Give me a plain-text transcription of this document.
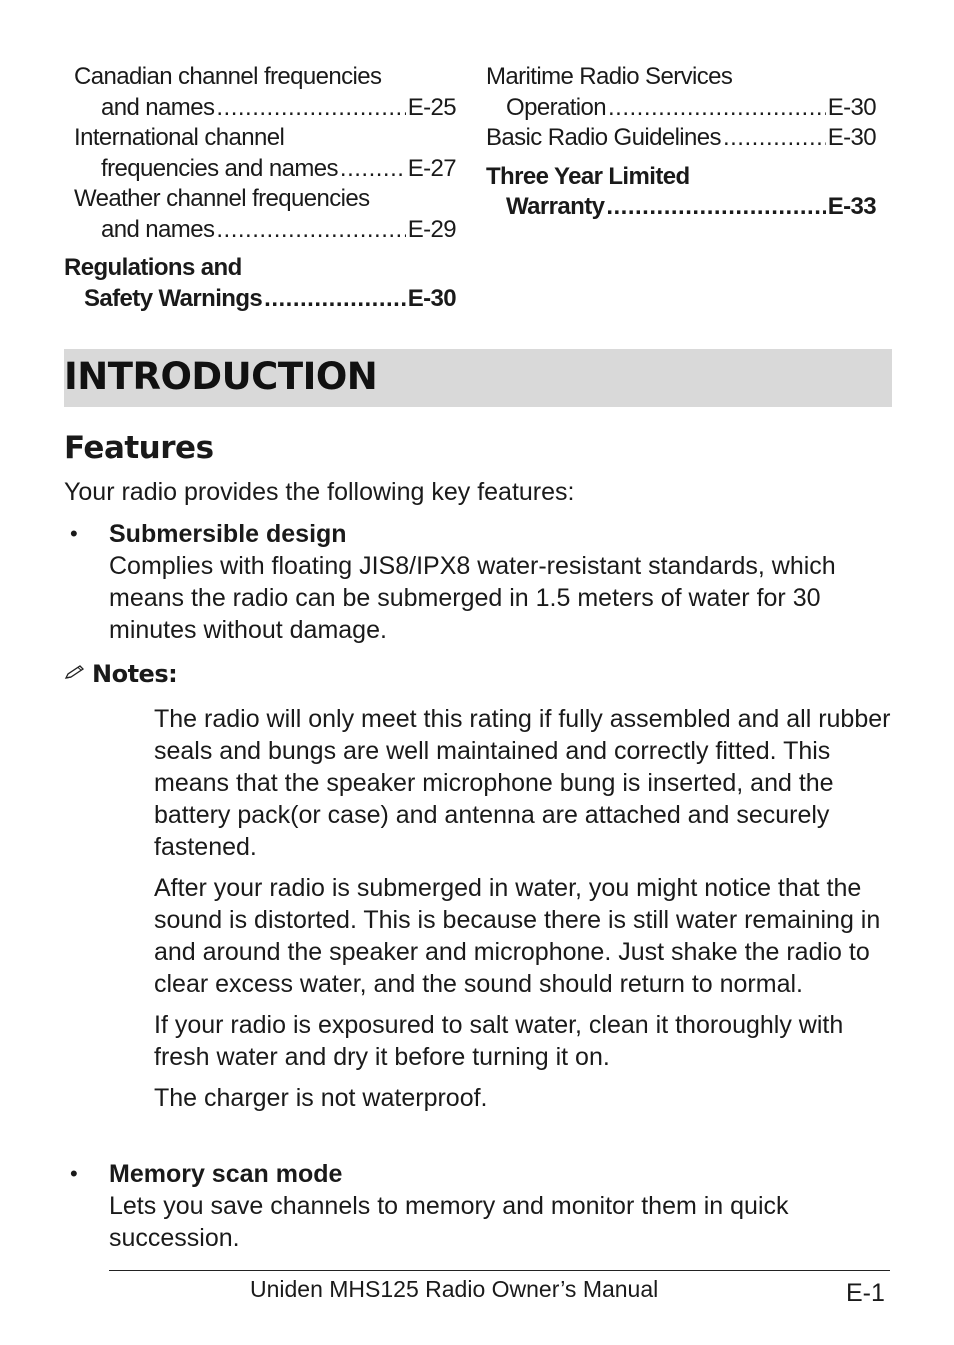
Canadian channel frequencies
and names .....	E-25
International channel
frequencies and names .....	E-27
Weather channel frequencies
and names .....	E-29
Regulations and
Safety Warnings .....	E-30
Maritime Radio Services
Operation .....	E-30
Basic Radio Guidelines .....	E-30
Three Year Limited
Warranty .....	E-33
INTRODUCTION
Features
Your radio provides the following key features:
• Submersible design
Complies with floating JIS8/IPX8 water-resistant standards, which means the radio can be submerged in 1.5 meters of water for 30 minutes without damage.
Notes:

The radio will only meet this rating if fully assembled and all rubber seals and bungs are well maintained and correctly fitted. This means that the speaker microphone bung is inserted, and the battery pack(or case) and antenna are attached and securely fastened.

After your radio is submerged in water, you might notice that the sound is distorted. This is because there is still water remaining in and around the speaker and microphone. Just shake the radio to clear excess water, and the sound should return to normal.

If your radio is exposured to salt water, clean it thoroughly with fresh water and dry it before turning it on.

The charger is not waterproof.

• Memory scan mode
Lets you save channels to memory and monitor them in quick succession.
Uniden MHS125 Radio Owner’s Manual	E-1
